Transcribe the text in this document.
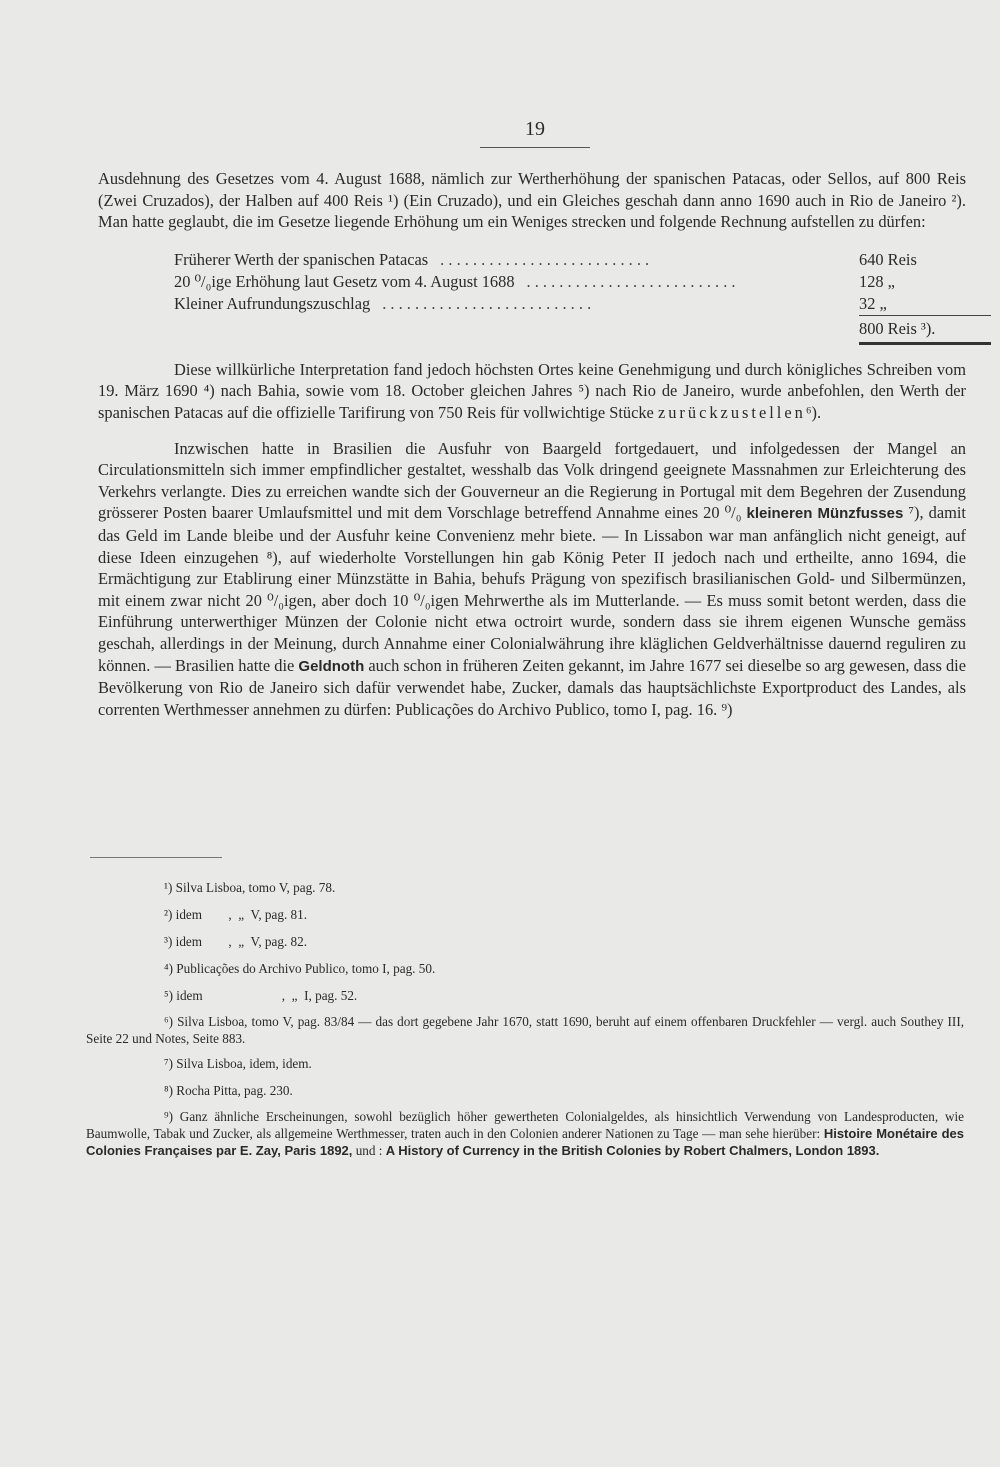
19

Ausdehnung des Gesetzes vom 4. August 1688, nämlich zur Wertherhöhung der spanischen Patacas, oder Sellos, auf 800 Reis (Zwei Cruzados), der Halben auf 400 Reis ¹) (Ein Cruzado), und ein Gleiches geschah dann anno 1690 auch in Rio de Janeiro ²). Man hatte geglaubt, die im Gesetze liegende Erhöhung um ein Weniges strecken und folgende Rechnung aufstellen zu dürfen:

Früherer Werth der spanischen Patacas . . . . . . . . . . . . . . . . . . . . . . . . . .	640 Reis
20 ⁰/₀ige Erhöhung laut Gesetz vom 4. August 1688 . . . . . . . . . . . . . . . . . . . . . . . . . .	128 „
Kleiner Aufrundungszuschlag . . . . . . . . . . . . . . . . . . . . . . . . . .	32 „
800 Reis ³).

Diese willkürliche Interpretation fand jedoch höchsten Ortes keine Genehmigung und durch königliches Schreiben vom 19. März 1690 ⁴) nach Bahia, sowie vom 18. October gleichen Jahres ⁵) nach Rio de Janeiro, wurde anbefohlen, den Werth der spanischen Patacas auf die offizielle Tarifirung von 750 Reis für vollwichtige Stücke zurückzustellen⁶).

Inzwischen hatte in Brasilien die Ausfuhr von Baargeld fortgedauert, und infolgedessen der Mangel an Circulationsmitteln sich immer empfindlicher gestaltet, wesshalb das Volk dringend geeignete Massnahmen zur Erleichterung des Verkehrs verlangte. Dies zu erreichen wandte sich der Gouverneur an die Regierung in Portugal mit dem Begehren der Zusendung grösserer Posten baarer Umlaufsmittel und mit dem Vorschlage betreffend Annahme eines 20 ⁰/₀ kleineren Münzfusses ⁷), damit das Geld im Lande bleibe und der Ausfuhr keine Convenienz mehr biete. — In Lissabon war man anfänglich nicht geneigt, auf diese Ideen einzugehen ⁸), auf wiederholte Vorstellungen hin gab König Peter II jedoch nach und ertheilte, anno 1694, die Ermächtigung zur Etablirung einer Münzstätte in Bahia, behufs Prägung von spezifisch brasilianischen Gold- und Silbermünzen, mit einem zwar nicht 20 ⁰/₀igen, aber doch 10 ⁰/₀igen Mehrwerthe als im Mutterlande. — Es muss somit betont werden, dass die Einführung unterwerthiger Münzen der Colonie nicht etwa octroirt wurde, sondern dass sie ihrem eigenen Wunsche gemäss geschah, allerdings in der Meinung, durch Annahme einer Colonialwährung ihre kläglichen Geldverhältnisse dauernd reguliren zu können. — Brasilien hatte die Geldnoth auch schon in früheren Zeiten gekannt, im Jahre 1677 sei dieselbe so arg gewesen, dass die Bevölkerung von Rio de Janeiro sich dafür verwendet habe, Zucker, damals das hauptsächlichste Exportproduct des Landes, als correnten Werthmesser annehmen zu dürfen: Publicações do Archivo Publico, tomo I, pag. 16. ⁹)

¹) Silva Lisboa, tomo V, pag. 78.
²) idem        ,  „  V, pag. 81.
³) idem        ,  „  V, pag. 82.
⁴) Publicações do Archivo Publico, tomo I, pag. 50.
⁵) idem                        ,  „  I, pag. 52.
⁶) Silva Lisboa, tomo V, pag. 83/84 — das dort gegebene Jahr 1670, statt 1690, beruht auf einem offenbaren Druckfehler — vergl. auch Southey III, Seite 22 und Notes, Seite 883.
⁷) Silva Lisboa, idem, idem.
⁸) Rocha Pitta, pag. 230.
⁹) Ganz ähnliche Erscheinungen, sowohl bezüglich höher gewertheten Colonialgeldes, als hinsichtlich Verwendung von Landesproducten, wie Baumwolle, Tabak und Zucker, als allgemeine Werthmesser, traten auch in den Colonien anderer Nationen zu Tage — man sehe hierüber: Histoire Monétaire des Colonies Françaises par E. Zay, Paris 1892, und : A History of Currency in the British Colonies by Robert Chalmers, London 1893.
